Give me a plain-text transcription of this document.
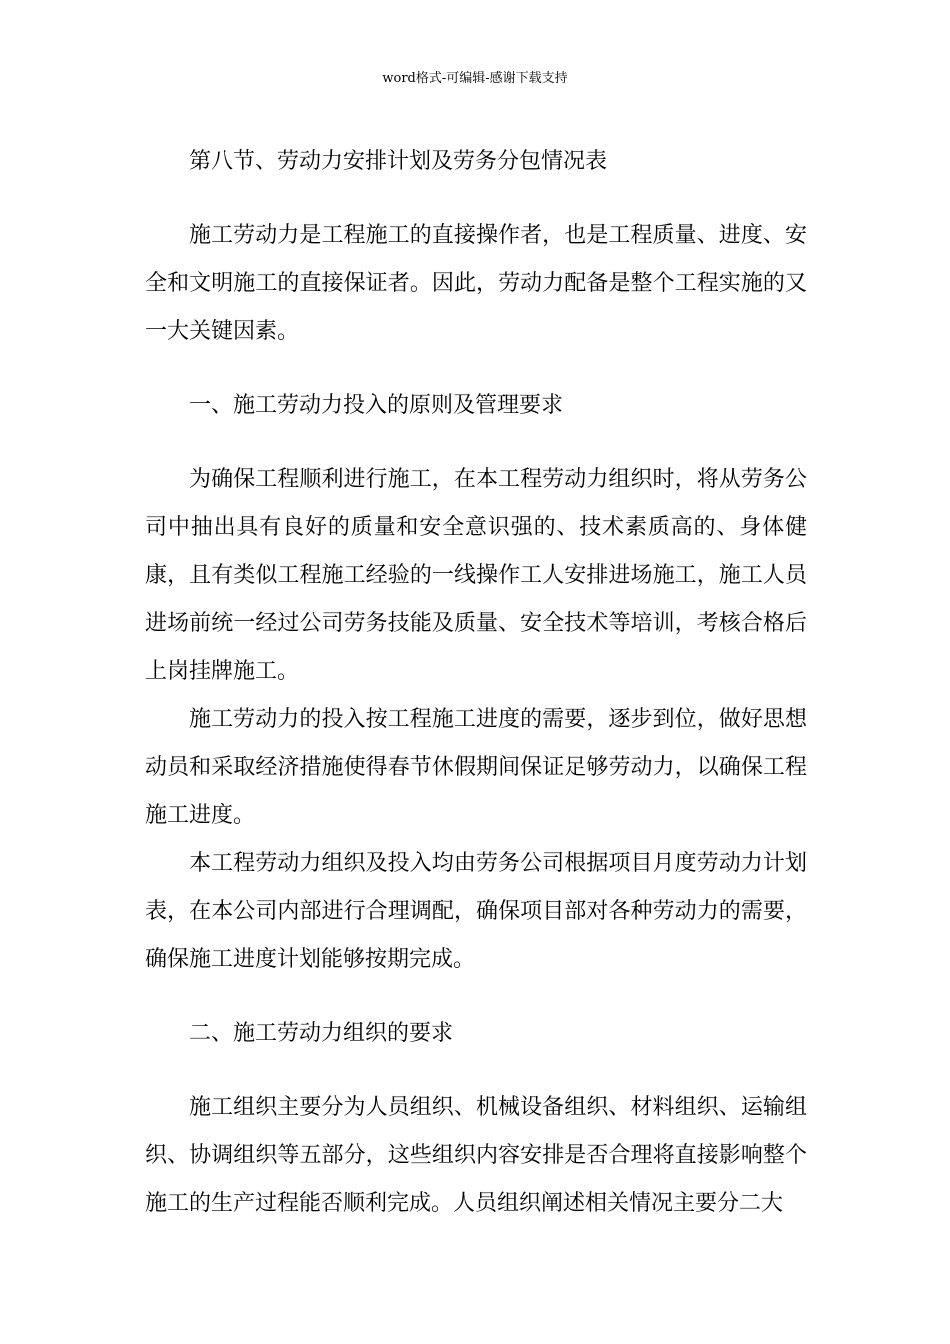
word格式-可编辑-感谢下载支持
第八节、劳动力安排计划及劳务分包情况表

施工劳动力是工程施工的直接操作者，也是工程质量、进度、安全和文明施工的直接保证者。因此，劳动力配备是整个工程实施的又一大关键因素。

一、施工劳动力投入的原则及管理要求

为确保工程顺利进行施工，在本工程劳动力组织时，将从劳务公司中抽出具有良好的质量和安全意识强的、技术素质高的、身体健康，且有类似工程施工经验的一线操作工人安排进场施工，施工人员进场前统一经过公司劳务技能及质量、安全技术等培训，考核合格后上岗挂牌施工。

施工劳动力的投入按工程施工进度的需要，逐步到位，做好思想动员和采取经济措施使得春节休假期间保证足够劳动力，以确保工程施工进度。

本工程劳动力组织及投入均由劳务公司根据项目月度劳动力计划表，在本公司内部进行合理调配，确保项目部对各种劳动力的需要，确保施工进度计划能够按期完成。

二、施工劳动力组织的要求

施工组织主要分为人员组织、机械设备组织、材料组织、运输组织、协调组织等五部分，这些组织内容安排是否合理将直接影响整个施工的生产过程能否顺利完成。人员组织阐述相关情况主要分二大
